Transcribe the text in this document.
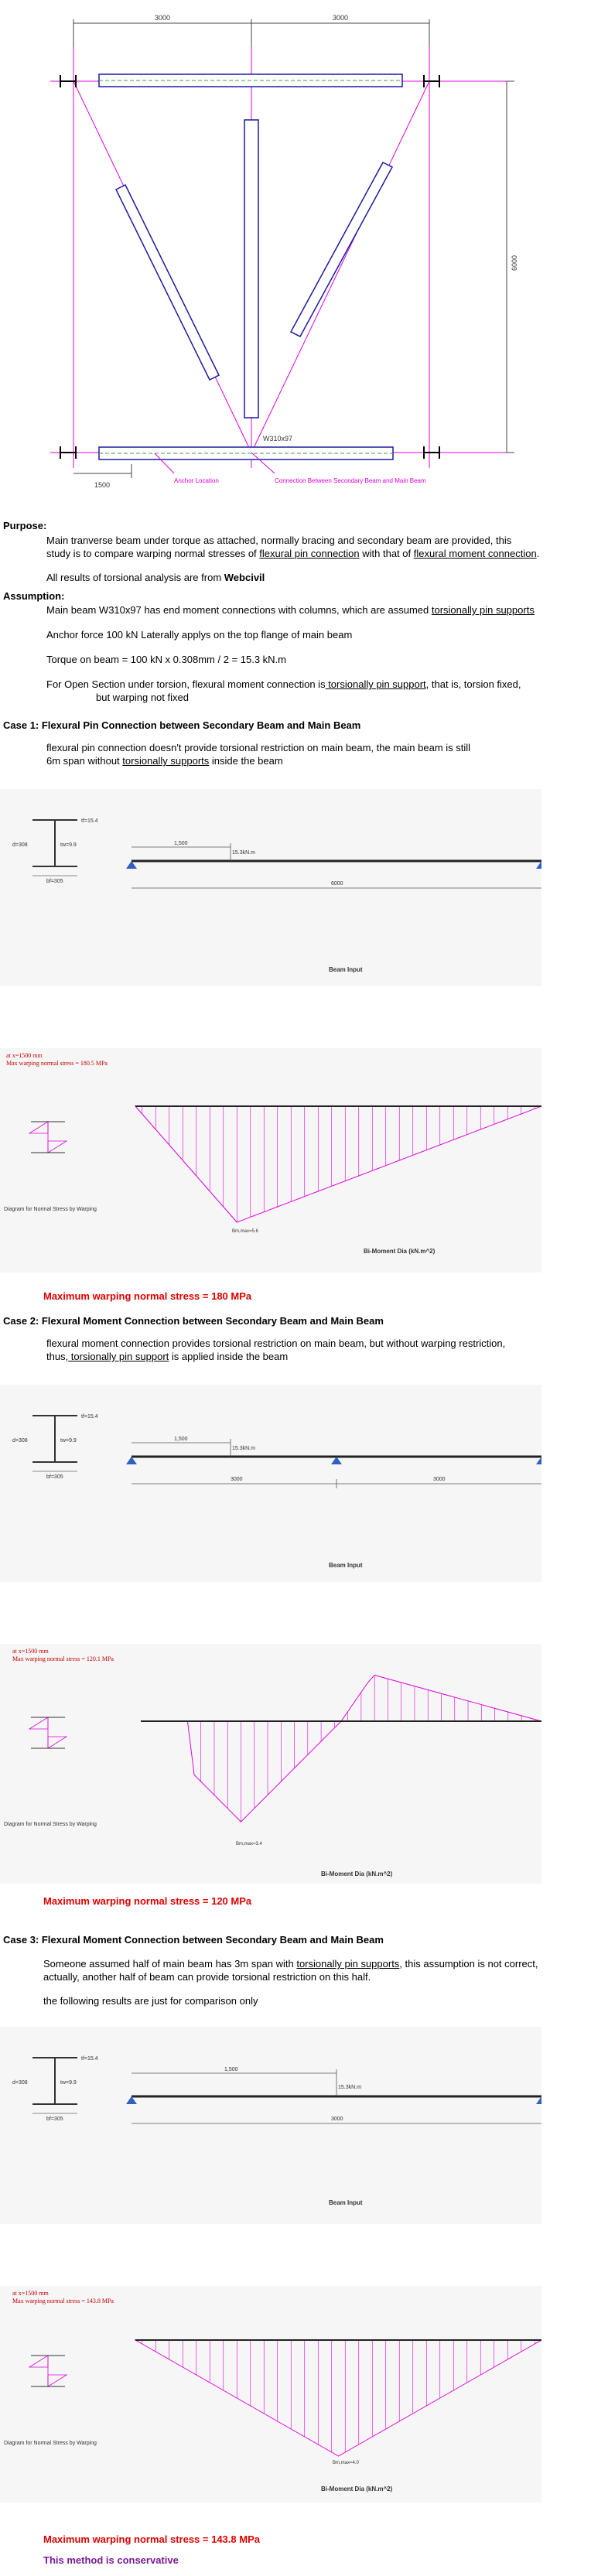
3000	3000
6000
W310x97
Connection Between Secondary Beam and Main Beam
Anchor Location
1500
Purpose:
Main tranverse beam under torque as attached, normally bracing and secondary beam are provided, this
study is to compare warping normal stresses of flexural pin connection with that of flexural moment connection.
All results of torsional analysis are from Webcivil
Assumption:
Main beam W310x97 has end moment connections with columns, which are assumed torsionally pin supports
Anchor force 100 kN Laterally applys on the top flange of main beam
Torque on beam = 100 kN x 0.308mm / 2 = 15.3 kN.m
For Open Section under torsion, flexural moment connection is torsionally pin support, that is, torsion fixed,
but warping not fixed
Case 1: Flexural Pin Connection between Secondary Beam and Main Beam
flexural pin connection doesn't provide torsional restriction on main beam, the main beam is still
6m span without torsionally supports inside the beam
tf=15.4
d=308	tw=9.9
bf=305
1,500
15.3kN.m
6000
Beam Input
at x=1500 mm
Max warping normal stress = 180.5 MPa
Diagram for Normal Stress by Warping
Bi-Moment Dia (kN.m^2)
Bm,max=5.6
Maximum warping normal stress = 180 MPa
Case 2: Flexural Moment Connection between Secondary Beam and Main Beam
flexural moment connection provides torsional restriction on main beam, but without warping restriction,
thus, torsionally pin support is applied inside the beam
tf=15.4
d=308	tw=9.9
bf=305
1,500
15.3kN.m
3000	3000
Beam Input
at x=1500 mm
Max warping normal stress = 120.1 MPa
Diagram for Normal Stress by Warping
Bi-Moment Dia (kN.m^2)
Bm,max=3.4
Maximum warping normal stress = 120 MPa
Case 3: Flexural Moment Connection between Secondary Beam and Main Beam
Someone assumed half of main beam has 3m span with torsionally pin supports, this assumption is not correct,
actually, another half of beam can provide torsional restriction on this half.
the following results are just for comparison only
tf=15.4
d=308	tw=9.9
bf=305
1,500
15.3kN.m
3000
Beam Input
at x=1500 mm
Max warping normal stress = 143.8 MPa
Diagram for Normal Stress by Warping
Bi-Moment Dia (kN.m^2)
Bm,max=4.0
Maximum warping normal stress = 143.8 MPa
This method is conservative
